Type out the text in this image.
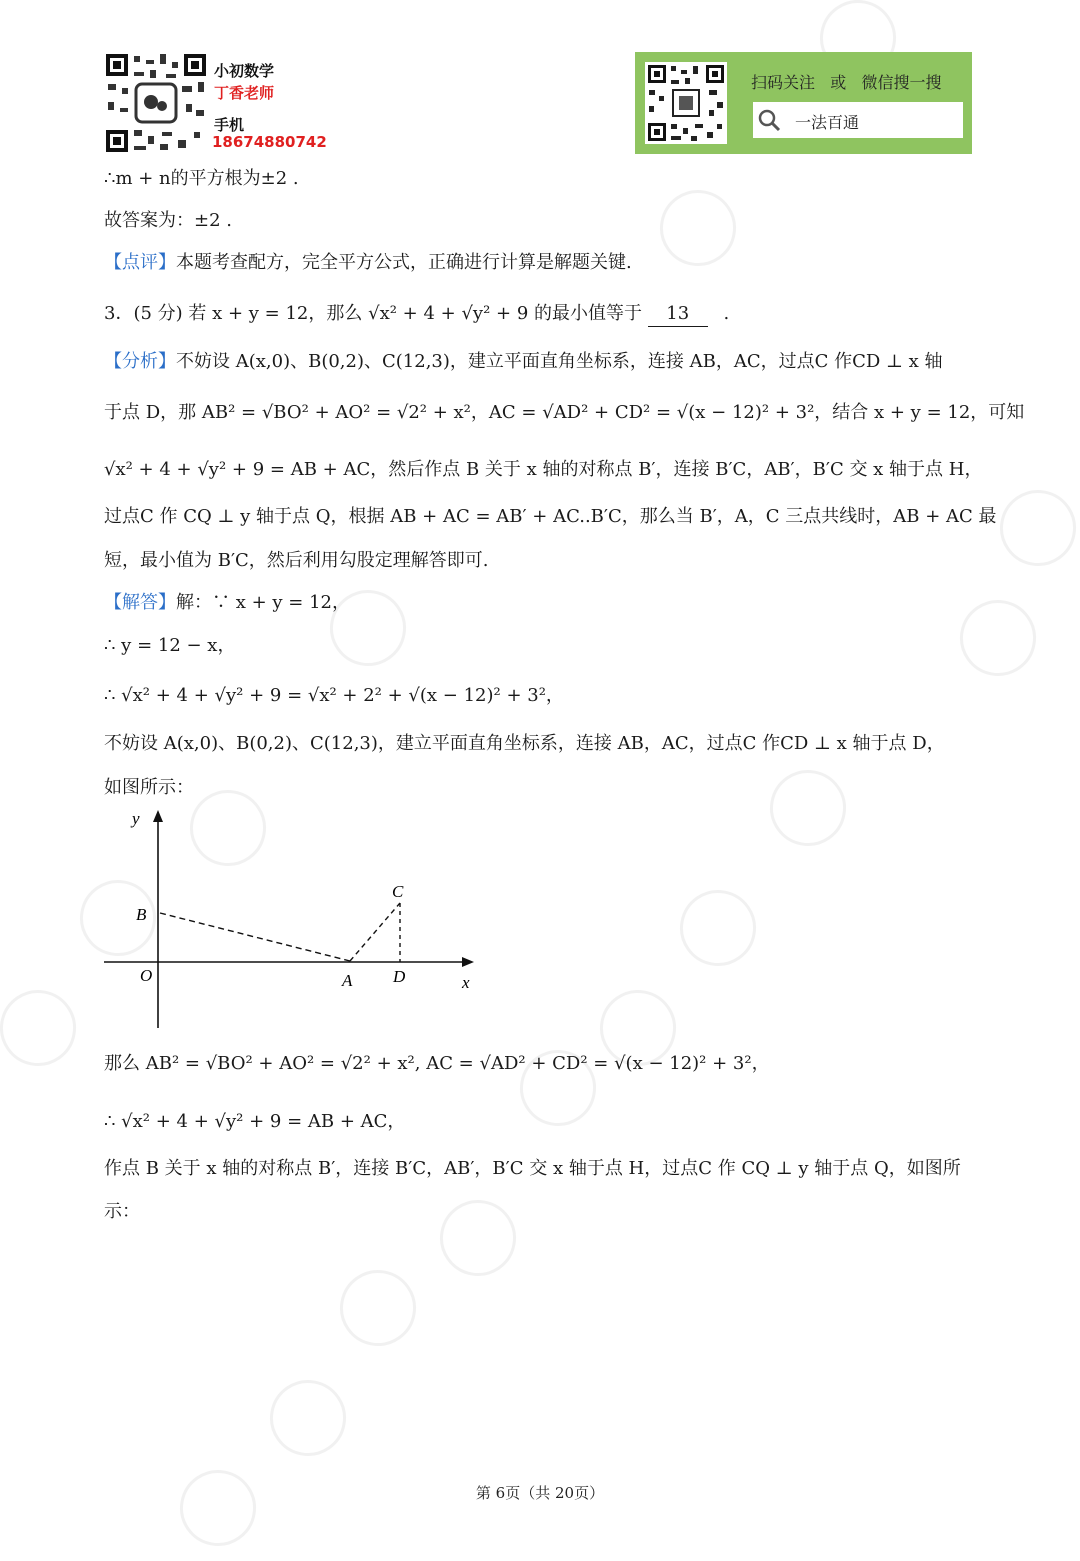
小初数学
丁香老师
手机
18674880742
扫码关注   或   微信搜一搜
一法百通
∴m + n的平方根为±2 .
故答案为：±2 .
【点评】本题考查配方，完全平方公式，正确进行计算是解题关键.
3．(5 分) 若 x + y = 12，那么 √x² + 4 + √y² + 9 的最小值等于 13 .
【分析】不妨设 A(x,0)、B(0,2)、C(12,3)，建立平面直角坐标系，连接 AB，AC，过点C 作CD ⊥ x 轴
于点 D，那 AB² = √BO² + AO² = √2² + x²，AC = √AD² + CD² = √(x − 12)² + 3²，结合 x + y = 12，可知
√x² + 4 + √y² + 9 = AB + AC，然后作点 B 关于 x 轴的对称点 B′，连接 B′C，AB′，B′C 交 x 轴于点 H，
过点C 作 CQ ⊥ y 轴于点 Q，根据 AB + AC = AB′ + AC..B′C，那么当 B′，A，C 三点共线时，AB + AC 最
短，最小值为 B′C，然后利用勾股定理解答即可.
【解答】解：∵ x + y = 12，
∴ y = 12 − x，
∴ √x² + 4 + √y² + 9 = √x² + 2² + √(x − 12)² + 3²，
不妨设 A(x,0)、B(0,2)、C(12,3)，建立平面直角坐标系，连接 AB，AC，过点C 作CD ⊥ x 轴于点 D，
如图所示：
y
x
O	A
B
C
D
那么 AB² = √BO² + AO² = √2² + x², AC = √AD² + CD² = √(x − 12)² + 3²，
∴ √x² + 4 + √y² + 9 = AB + AC，
作点 B 关于 x 轴的对称点 B′，连接 B′C，AB′，B′C 交 x 轴于点 H，过点C 作 CQ ⊥ y 轴于点 Q，如图所
示：
第 6页（共 20页）
